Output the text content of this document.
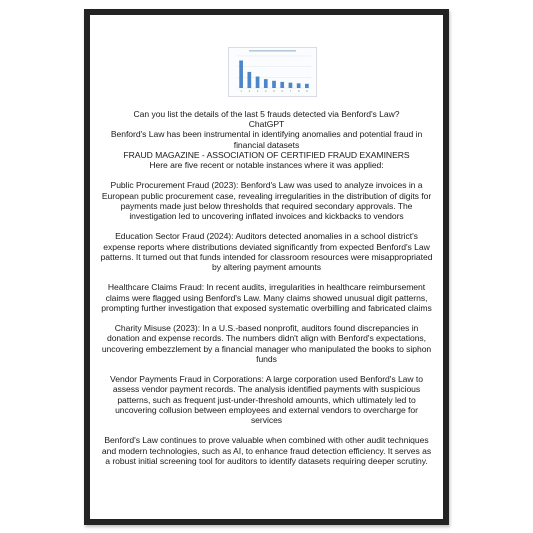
1	2	3	4	5	6	7	8	9

Can you list the details of the last 5 frauds detected via Benford's Law?

ChatGPT

Benford's Law has been instrumental in identifying anomalies and potential fraud in financial datasets

FRAUD MAGAZINE - ASSOCIATION OF CERTIFIED FRAUD EXAMINERS

Here are five recent or notable instances where it was applied:

Public Procurement Fraud (2023): Benford's Law was used to analyze invoices in a European public procurement case, revealing irregularities in the distribution of digits for payments made just below thresholds that required secondary approvals. The investigation led to uncovering inflated invoices and kickbacks to vendors

Education Sector Fraud (2024): Auditors detected anomalies in a school district's expense reports where distributions deviated significantly from expected Benford's Law patterns. It turned out that funds intended for classroom resources were misappropriated by altering payment amounts

Healthcare Claims Fraud: In recent audits, irregularities in healthcare reimbursement claims were flagged using Benford's Law. Many claims showed unusual digit patterns, prompting further investigation that exposed systematic overbilling and fabricated claims

Charity Misuse (2023): In a U.S.-based nonprofit, auditors found discrepancies in donation and expense records. The numbers didn't align with Benford's expectations, uncovering embezzlement by a financial manager who manipulated the books to siphon funds

Vendor Payments Fraud in Corporations: A large corporation used Benford's Law to assess vendor payment records. The analysis identified payments with suspicious patterns, such as frequent just-under-threshold amounts, which ultimately led to uncovering collusion between employees and external vendors to overcharge for services

Benford's Law continues to prove valuable when combined with other audit techniques and modern technologies, such as AI, to enhance fraud detection efficiency. It serves as a robust initial screening tool for auditors to identify datasets requiring deeper scrutiny.
